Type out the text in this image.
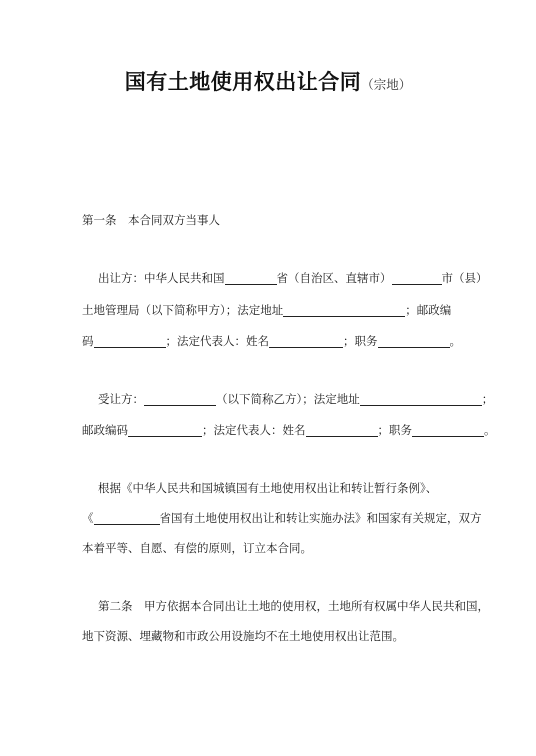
国有土地使用权出让合同（宗地）
第一条　本合同双方当事人
出让方：中华人民共和国	省（自治区、直辖市）	市（县）
土地管理局（以下简称甲方）；法定地址	；邮政编
码	；法定代表人：姓名	；职务	。
受让方：	（以下简称乙方）；法定地址	；
邮政编码	；法定代表人：姓名	；职务	。
根据《中华人民共和国城镇国有土地使用权出让和转让暂行条例》、
《	省国有土地使用权出让和转让实施办法》和国家有关规定，双方
本着平等、自愿、有偿的原则，订立本合同。
第二条　甲方依据本合同出让土地的使用权，土地所有权属中华人民共和国，
地下资源、埋藏物和市政公用设施均不在土地使用权出让范围。
